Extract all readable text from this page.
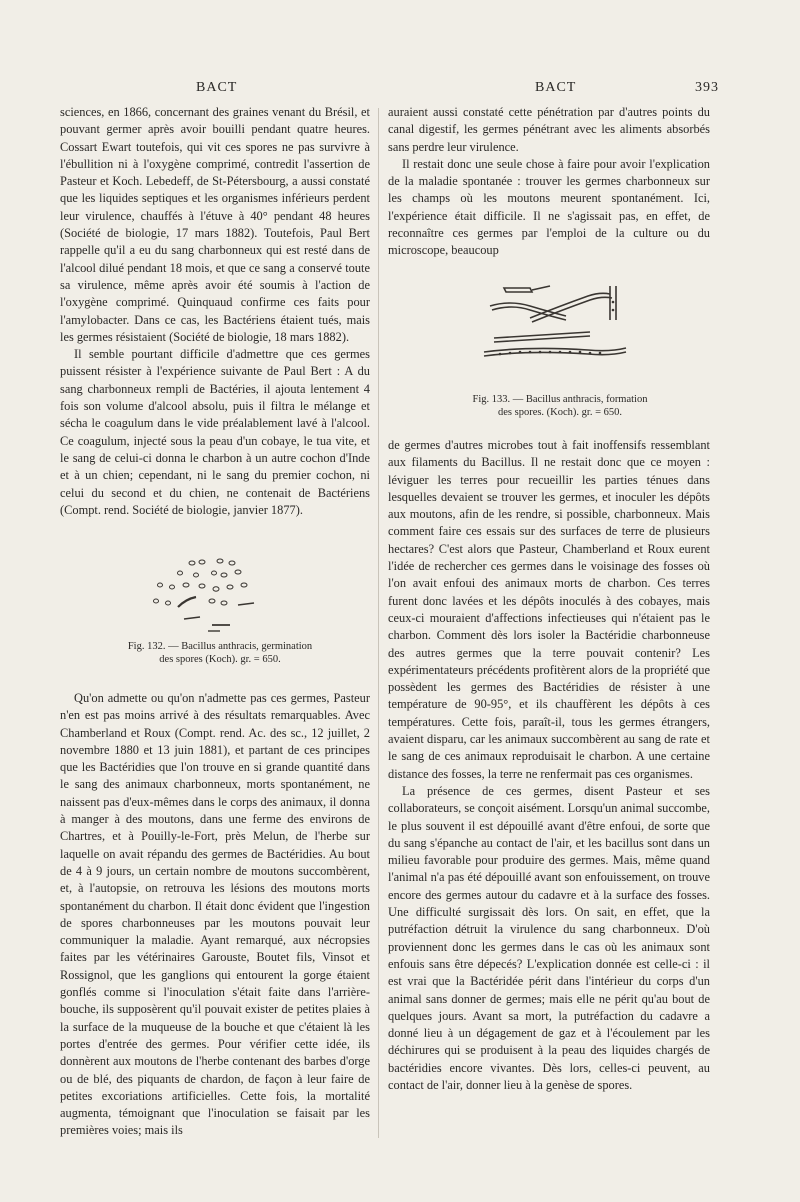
BACT	BACT	393

sciences, en 1866, concernant des graines venant du Brésil, et pouvant germer après avoir bouilli pendant quatre heures. Cossart Ewart toutefois, qui vit ces spores ne pas survivre à l'ébullition ni à l'oxygène comprimé, contredit l'assertion de Pasteur et Koch. Lebedeff, de St-Pétersbourg, a aussi constaté que les liquides septiques et les organismes inférieurs perdent leur virulence, chauffés à l'étuve à 40° pendant 48 heures (Société de biologie, 17 mars 1882). Toutefois, Paul Bert rappelle qu'il a eu du sang charbonneux qui est resté dans de l'alcool dilué pendant 18 mois, et que ce sang a conservé toute sa virulence, même après avoir été soumis à l'action de l'oxygène comprimé. Quinquaud confirme ces faits pour l'amylobacter. Dans ce cas, les Bactériens étaient tués, mais les germes résistaient (Société de biologie, 18 mars 1882).

Il semble pourtant difficile d'admettre que ces germes puissent résister à l'expérience suivante de Paul Bert : A du sang charbonneux rempli de Bactéries, il ajouta lentement 4 fois son volume d'alcool absolu, puis il filtra le mélange et sécha le coagulum dans le vide préalablement lavé à l'alcool. Ce coagulum, injecté sous la peau d'un cobaye, le tua vite, et le sang de celui-ci donna le charbon à un autre cochon d'Inde et à un chien; cependant, ni le sang du premier cochon, ni celui du second et du chien, ne contenait de Bactériens (Compt. rend. Société de biologie, janvier 1877).

Fig. 132. — Bacillus anthracis, germination des spores (Koch). gr. = 650.

Qu'on admette ou qu'on n'admette pas ces germes, Pasteur n'en est pas moins arrivé à des résultats remarquables. Avec Chamberland et Roux (Compt. rend. Ac. des sc., 12 juillet, 2 novembre 1880 et 13 juin 1881), et partant de ces principes que les Bactéridies que l'on trouve en si grande quantité dans le sang des animaux charbonneux, morts spontanément, ne naissent pas d'eux-mêmes dans le corps des animaux, il donna à manger à des moutons, dans une ferme des environs de Chartres, et à Pouilly-le-Fort, près Melun, de l'herbe sur laquelle on avait répandu des germes de Bactéridies. Au bout de 4 à 9 jours, un certain nombre de moutons succombèrent, et, à l'autopsie, on retrouva les lésions des moutons morts spontanément du charbon. Il était donc évident que l'ingestion de spores charbonneuses par les moutons pouvait leur communiquer la maladie. Ayant remarqué, aux nécropsies faites par les vétérinaires Garouste, Boutet fils, Vinsot et Rossignol, que les ganglions qui entourent la gorge étaient gonflés comme si l'inoculation s'était faite dans l'arrière-bouche, ils supposèrent qu'il pouvait exister de petites plaies à la surface de la muqueuse de la bouche et que c'étaient là les portes d'entrée des germes. Pour vérifier cette idée, ils donnèrent aux moutons de l'herbe contenant des barbes d'orge ou de blé, des piquants de chardon, de façon à leur faire de petites excoriations artificielles. Cette fois, la mortalité augmenta, témoignant que l'inoculation se faisait par les premières voies; mais ils

auraient aussi constaté cette pénétration par d'autres points du canal digestif, les germes pénétrant avec les aliments absorbés sans perdre leur virulence.

Il restait donc une seule chose à faire pour avoir l'explication de la maladie spontanée : trouver les germes charbonneux sur les champs où les moutons meurent spontanément. Ici, l'expérience était difficile. Il ne s'agissait pas, en effet, de reconnaître ces germes par l'emploi de la culture ou du microscope, beaucoup

Fig. 133. — Bacillus anthracis, formation des spores. (Koch). gr. = 650.

de germes d'autres microbes tout à fait inoffensifs ressemblant aux filaments du Bacillus. Il ne restait donc que ce moyen : léviguer les terres pour recueillir les parties ténues dans lesquelles devaient se trouver les germes, et inoculer les dépôts aux moutons, afin de les rendre, si possible, charbonneux. Mais comment faire ces essais sur des surfaces de terre de plusieurs hectares? C'est alors que Pasteur, Chamberland et Roux eurent l'idée de rechercher ces germes dans le voisinage des fosses où l'on avait enfoui des animaux morts de charbon. Ces terres furent donc lavées et les dépôts inoculés à des cobayes, mais ceux-ci mouraient d'affections infectieuses qui n'étaient pas le charbon. Comment dès lors isoler la Bactéridie charbonneuse des autres germes que la terre pouvait contenir? Les expérimentateurs précédents profitèrent alors de la propriété que possèdent les germes des Bactéridies de résister à une température de 90-95°, et ils chauffèrent les dépôts à ces températures. Cette fois, paraît-il, tous les germes étrangers, avaient disparu, car les animaux succombèrent au sang de rate et le sang de ces animaux reproduisait le charbon. A une certaine distance des fosses, la terre ne renfermait pas ces organismes.

La présence de ces germes, disent Pasteur et ses collaborateurs, se conçoit aisément. Lorsqu'un animal succombe, le plus souvent il est dépouillé avant d'être enfoui, de sorte que du sang s'épanche au contact de l'air, et les bacillus sont dans un milieu favorable pour produire des germes. Mais, même quand l'animal n'a pas été dépouillé avant son enfouissement, on trouve encore des germes autour du cadavre et à la surface des fosses. Une difficulté surgissait dès lors. On sait, en effet, que la putréfaction détruit la virulence du sang charbonneux. D'où proviennent donc les germes dans le cas où les animaux sont enfouis sans être dépecés? L'explication donnée est celle-ci : il est vrai que la Bactéridée périt dans l'intérieur du corps d'un animal sans donner de germes; mais elle ne périt qu'au bout de quelques jours. Avant sa mort, la putréfaction du cadavre a donné lieu à un dégagement de gaz et à l'écoulement par les déchirures qui se produisent à la peau des liquides chargés de bactéridies encore vivantes. Dès lors, celles-ci peuvent, au contact de l'air, donner lieu à la genèse de spores.
